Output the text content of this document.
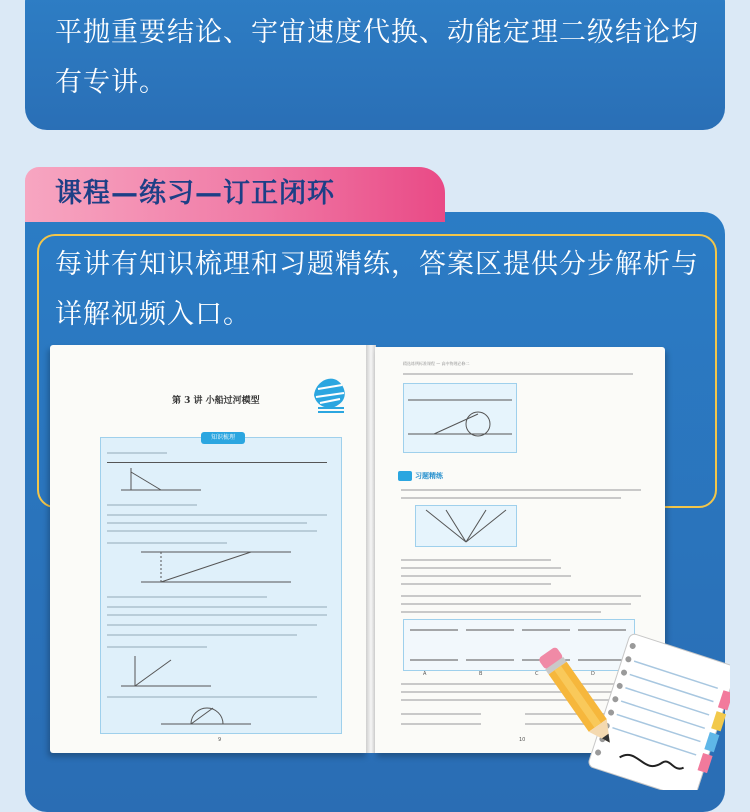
平抛重要结论、宇宙速度代换、动能定理二级结论均有专讲。
课程—练习—订正闭环
每讲有知识梳理和习题精练，答案区提供分步解析与详解视频入口。
第 3 讲 小船过河模型
知识梳理
9
精选练例标准课程 — 高中物理必修二
习题精练
A	B	C	D
10
